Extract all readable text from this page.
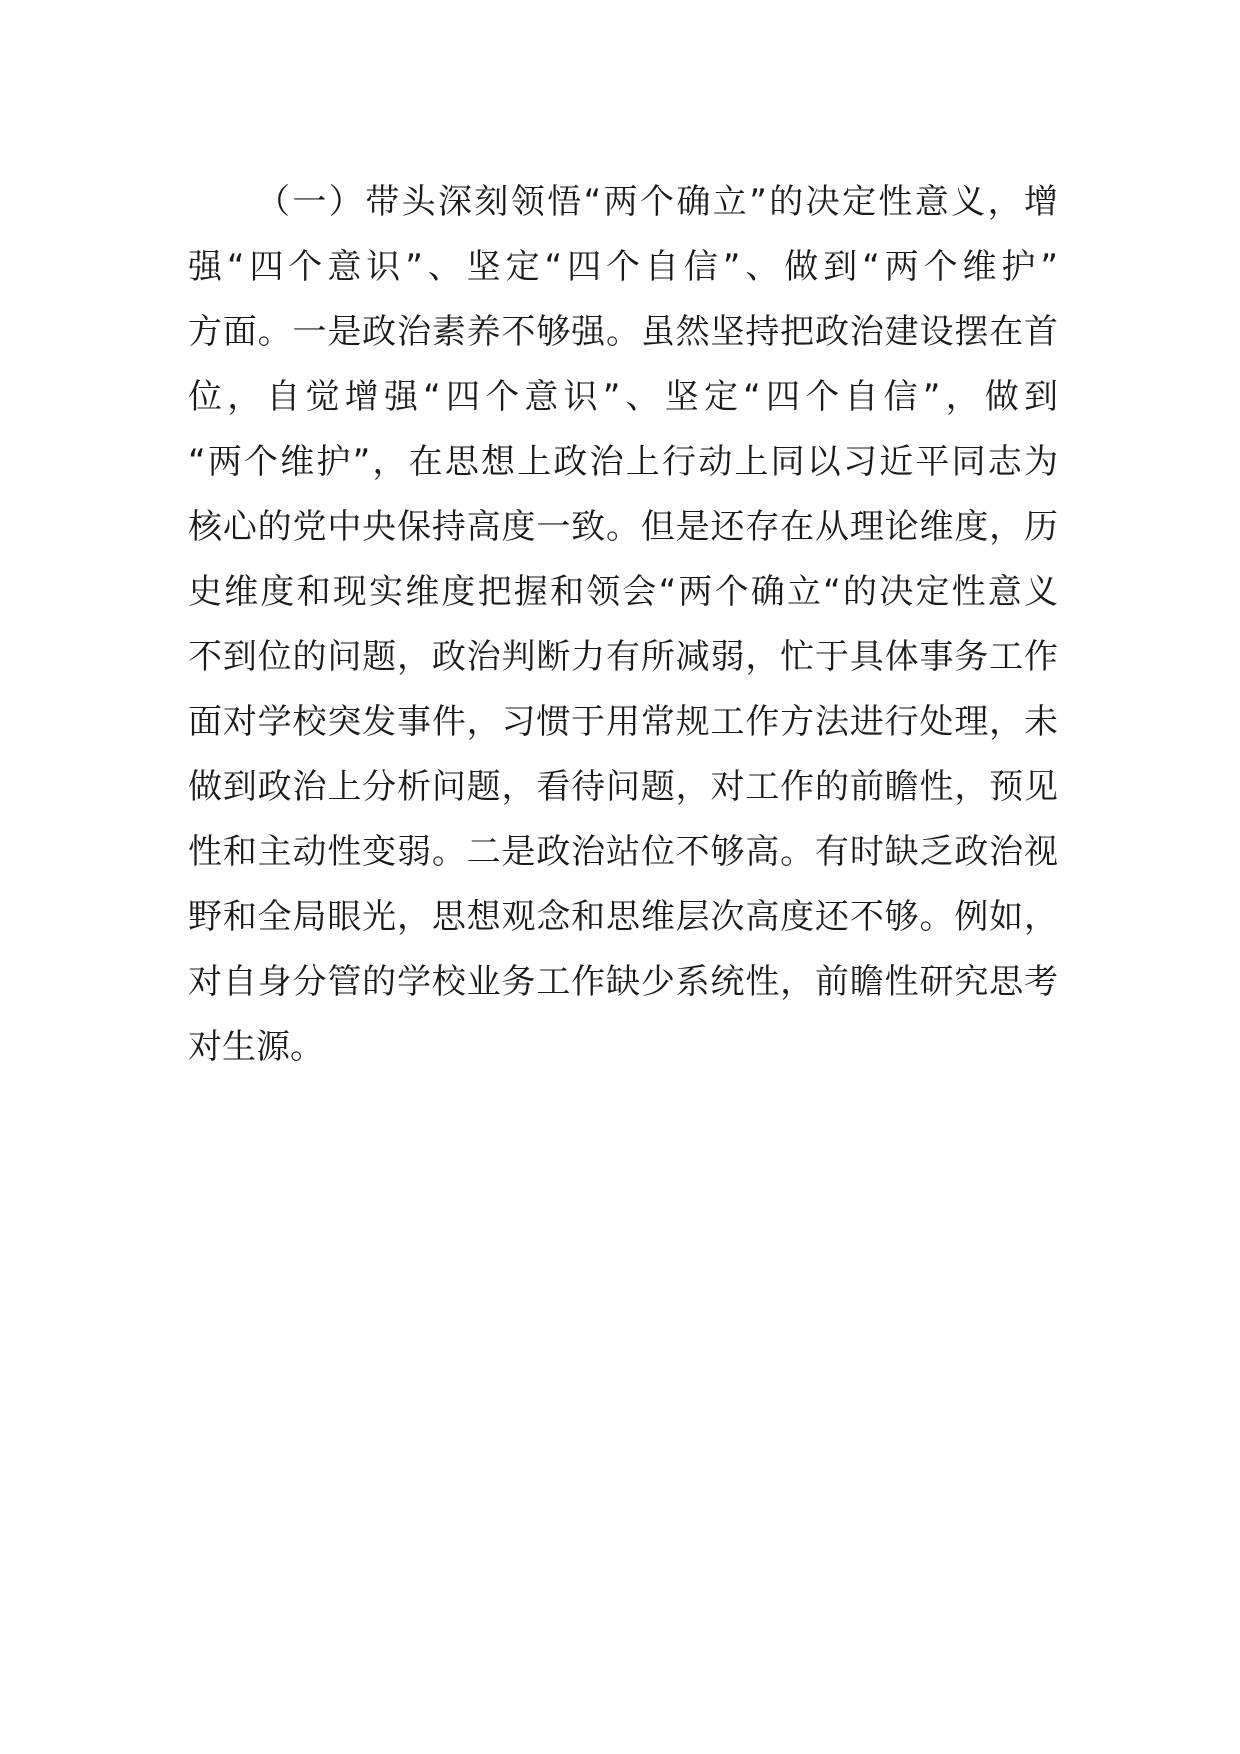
（一）带头深刻领悟“两个确立”的决定性意义，增
强“四个意识”、坚定“四个自信”、做到“两个维护”
方面。一是政治素养不够强。虽然坚持把政治建设摆在首
位，自觉增强“四个意识”、坚定“四个自信”，做到
“两个维护”，在思想上政治上行动上同以习近平同志为
核心的党中央保持高度一致。但是还存在从理论维度，历
史维度和现实维度把握和领会“两个确立“的决定性意义
不到位的问题，政治判断力有所减弱，忙于具体事务工作
面对学校突发事件，习惯于用常规工作方法进行处理，未
做到政治上分析问题，看待问题，对工作的前瞻性，预见
性和主动性变弱。二是政治站位不够高。有时缺乏政治视
野和全局眼光，思想观念和思维层次高度还不够。例如，
对自身分管的学校业务工作缺少系统性，前瞻性研究思考
对生源。
